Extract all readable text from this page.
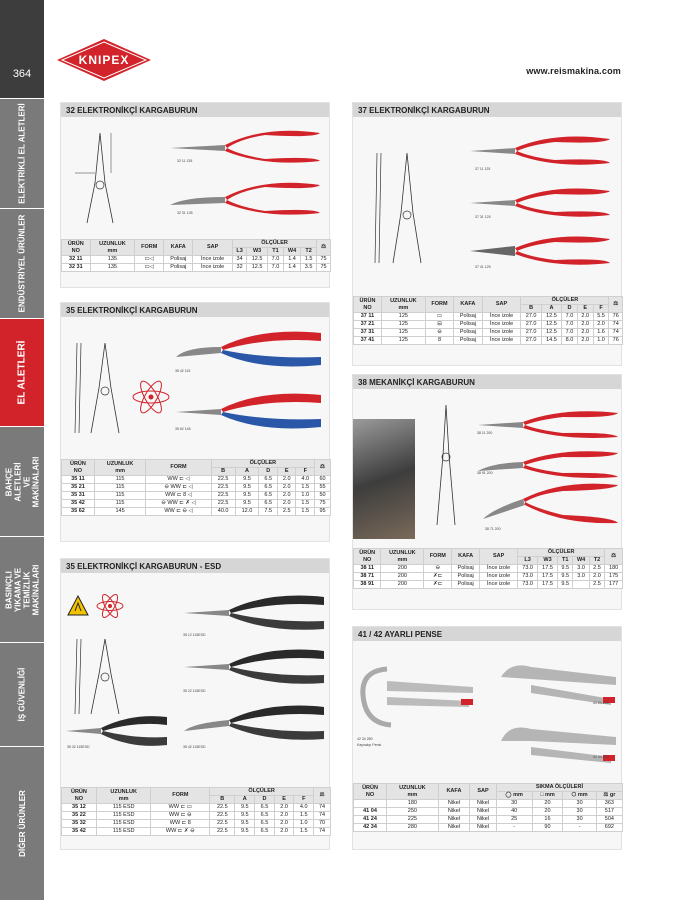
364
ELEKTRİKLİ EL ALETLERİ
ENDÜSTRİYEL ÜRÜNLER
EL ALETLERİ
BAHÇE ALETLERİ VE MAKİNALARI
BASINÇLI YIKAMA VE TEMİZLİK MAKİNALARI
İŞ GÜVENLİĞİ
DİĞER ÜRÜNLER
KNIPEX
www.reismakina.com
32 ELEKTRONİKÇİ KARGABURUN
32 11 135
32 31 135
ÜRÜN
NO	UZUNLUK
mm	FORM	KAFA	SAP	ÖLÇÜLER					⚖
					L3	W3	T1	W4	T2	
32 11	135	▭◁	Polisaj	İnce izole	34	12.5	7.0	1.4	1.5	75
32 31	135	▭◁	Polisaj	İnce izole	32	12.5	7.0	1.4	3.5	75
37 ELEKTRONİKÇİ KARGABURUN
37 11 125
37 31 125
37 41 125
ÜRÜN
NO	UZUNLUK
mm	FORM	KAFA	SAP	ÖLÇÜLER					⚖
					B	A	D	E	F	
37 11	125	▭	Polisaj	İnce izole	27.0	12.5	7.0	2.0	5.5	76
37 21	125	⊟	Polisaj	İnce izole	27.0	12.5	7.0	2.0	2.0	74
37 31	125	⊖	Polisaj	İnce izole	27.0	12.5	7.0	2.0	1.6	74
37 41	125	8	Polisaj	İnce izole	27.0	14.5	8.0	2.0	1.0	76
35 ELEKTRONİKÇİ KARGABURUN
35 42 115
35 62 145
ÜRÜN
NO	UZUNLUK
mm	FORM	ÖLÇÜLER					⚖
			B	A	D	E	F	
35 11	115	WW ⊏ ◁	22.5	9.5	6.5	2.0	4.0	60
35 21	115	⊖ WW ⊏ ◁	22.5	9.5	6.5	2.0	1.5	55
35 31	115	WW ⊏ 8 ◁	22.5	9.5	6.5	2.0	1.0	50
35 42	115	⊖ WW ⊏ ✗ ◁	22.5	9.5	6.5	2.0	1.5	75
35 62	145	WW ⊏ ⊖ ◁	40.0	12.0	7.5	2.5	1.5	95
38 MEKANİKÇİ KARGABURUN
38 11 200
38 91 200
38 71 200
ÜRÜN
NO	UZUNLUK
mm	FORM	KAFA	SAP	ÖLÇÜLER					⚖
					L3	W3	T1	W4	T2	
38 11	200	⊖	Polisaj	İnce izole	73.0	17.5	9.5	3.0	2.5	180
38 71	200	✗⊏	Polisaj	İnce izole	73.0	17.5	9.5	3.0	2.0	175
38 91	200	✗⊏	Polisaj	İnce izole	73.0	17.5	9.5		2.5	177
35 ELEKTRONİKÇİ KARGABURUN - ESD
35 12 115ESD
35 22 115ESD
35 42 115ESD
35 32 115ESD
ÜRÜN
NO	UZUNLUK
mm	FORM	ÖLÇÜLER					⚖
			B	A	D	E	F	
35 12	115 ESD	WW ⊏ ▭	22.5	9.5	6.5	2.0	4.0	74
35 22	115 ESD	WW ⊏ ⊖	22.5	9.5	6.5	2.0	1.5	74
35 32	115 ESD	WW ⊏ 8	22.5	9.5	6.5	2.0	1.0	70
35 42	115 ESD	WW ⊏ ✗ ⊖	22.5	9.5	6.5	2.0	1.5	74
41 / 42 AYARLI PENSE
42 34 280
Kaynakçı Pensi
41 24 225
41 04 250
ÜRÜN
NO	UZUNLUK
mm	KAFA	SAP	SIKMA ÖLÇÜLERİ			
				◯ mm	□ mm	⬡ mm	⚖ gr
	180	Nikel	Nikel	30	20	30	363
41 04	250	Nikel	Nikel	40	20	30	517
41 24	225	Nikel	Nikel	25	16	30	504
42 34	280	Nikel	Nikel	-	90	-	692
